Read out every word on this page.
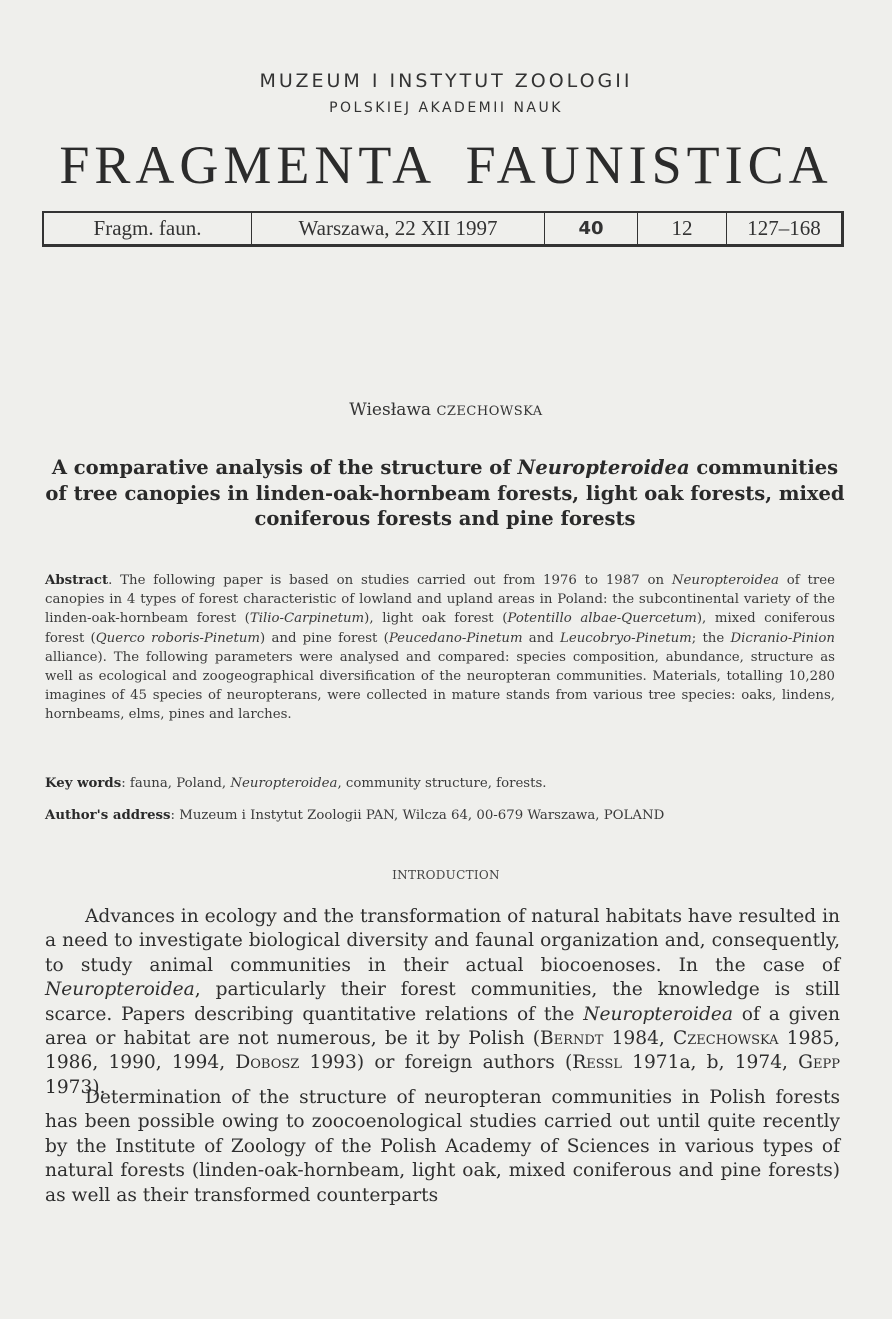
MUZEUM I INSTYTUT ZOOLOGII
POLSKIEJ AKADEMII NAUK
FRAGMENTA FAUNISTICA
Fragm. faun.	Warszawa, 22 XII 1997	40	12	127–168
Wiesława CZECHOWSKA
A comparative analysis of the structure of Neuropteroidea communities of tree canopies in linden-oak-hornbeam forests, light oak forests, mixed coniferous forests and pine forests
Abstract. The following paper is based on studies carried out from 1976 to 1987 on Neuropteroidea of tree canopies in 4 types of forest characteristic of lowland and upland areas in Poland: the subcontinental variety of the linden-oak-hornbeam forest (Tilio-Carpinetum), light oak forest (Potentillo albae-Quercetum), mixed coniferous forest (Querco roboris-Pinetum) and pine forest (Peucedano-Pinetum and Leucobryo-Pinetum; the Dicranio-Pinion alliance). The following parameters were analysed and compared: species composition, abundance, structure as well as ecological and zoogeographical diversification of the neuropteran communities. Materials, totalling 10,280 imagines of 45 species of neuropterans, were collected in mature stands from various tree species: oaks, lindens, hornbeams, elms, pines and larches.
Key words: fauna, Poland, Neuropteroidea, community structure, forests.
Author's address: Muzeum i Instytut Zoologii PAN, Wilcza 64, 00-679 Warszawa, POLAND
INTRODUCTION
Advances in ecology and the transformation of natural habitats have resulted in a need to investigate biological diversity and faunal organization and, consequently, to study animal communities in their actual biocoenoses. In the case of Neuropteroidea, particularly their forest communities, the knowledge is still scarce. Papers describing quantitative relations of the Neuropteroidea of a given area or habitat are not numerous, be it by Polish (Berndt 1984, Czechowska 1985, 1986, 1990, 1994, Dobosz 1993) or foreign authors (Ressl 1971a, b, 1974, Gepp 1973).
Determination of the structure of neuropteran communities in Polish forests has been possible owing to zoocoenological studies carried out until quite recently by the Institute of Zoology of the Polish Academy of Sciences in various types of natural forests (linden-oak-hornbeam, light oak, mixed coniferous and pine forests) as well as their transformed counterparts
